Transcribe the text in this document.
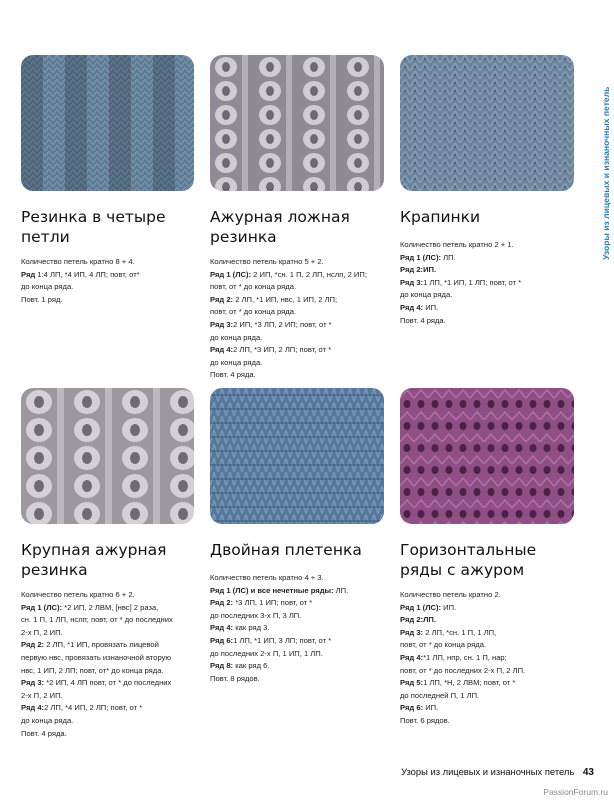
Резинка в четыре
петли
Ажурная ложная
резинка
Крапинки
Крупная ажурная
резинка
Двойная плетенка Горизонтальные
ряды с ажуром

Количество петель кратно 8 + 4.

Ряд 1:4 ЛП, *4 ИП, 4 ЛП; повт, от*

до конца ряда.

Повт. 1 ряд.

Количество петель кратно 5 + 2.

Ряд 1 (ЛС): 2 ИП, *сн. 1 П, 2 ЛП, нслп, 2 ИП;

повт, от * до конца ряда.

Ряд 2: 2 ЛП, *1 ИП, нвс, 1 ИП, 2 ЛП;

повт, от * до конца ряда.

Ряд 3:2 ИП, *3 ЛП, 2 ИП; повт, от *

до конца ряда.

Ряд 4:2 ЛП, *3 ИП, 2 ЛП; повт, от *

до конца ряда.

Повт. 4 ряда.

Количество петель кратно 2 + 1.

Ряд 1 (ЛС): ЛП.

Ряд 2:ИП.

Ряд 3:1 ЛП, *1 ИП, 1 ЛП; повт, от *

до конца ряда.

Ряд 4: ИП.

Повт. 4 ряда.

Количество петель кратно 6 + 2.

Ряд 1 (ЛС): *2 ИП, 2 ЛВМ, [нвс] 2 раза,

сн. 1 П, 1 ЛП, нслп; повт, от * до последних

2-х П, 2 ИП.

Ряд 2: 2 ЛП, *1 ИП, провязать лицевой

первую нвс, провязать изнаночной вторую

нвс, 1 ИП, 2 ЛП; повт, от* до конца ряда.

Ряд 3: *2 ИП, 4 ЛП повт, от * до последних

2-х П, 2 ИП.

Ряд 4:2 ЛП, *4 ИП, 2 ЛП; повт, от *

до конца ряда.

Повт. 4 ряда.

Количество петель кратно 4 + 3.

Ряд 1 (ЛС) и все нечетные ряды: ЛП.

Ряд 2: *3 ЛП, 1 ИП; повт, от *

до последних 3-х П, 3 ЛП.

Ряд 4: как ряд 3.

Ряд 6:1 ЛП, *1 ИП, 3 ЛП; повт, от *

до последних 2-х П, 1 ИП, 1 ЛП.

Ряд 8: как ряд 6.

Повт. 8 рядов.

Количество петель кратно 2.

Ряд 1 (ЛС): ИП.

Ряд 2:ЛП.

Ряд 3: 2 ЛП, *сн. 1 П, 1 ЛП,

повт, от * до конца ряда.

Ряд 4:*1 ЛП, нпр, сн. 1 П, нар;

повт, от * до последних 2-х П, 2 ЛП.

Ряд 5:1 ЛП, *Н, 2 ЛВМ; повт, от *

до последней П, 1 ЛП.

Ряд 6: ИП.

Повт. 6 рядов.

Узоры из лицевых и изнаночных петель
Узоры из лицевых и изнаночных петель 43
PassionForum.ru
